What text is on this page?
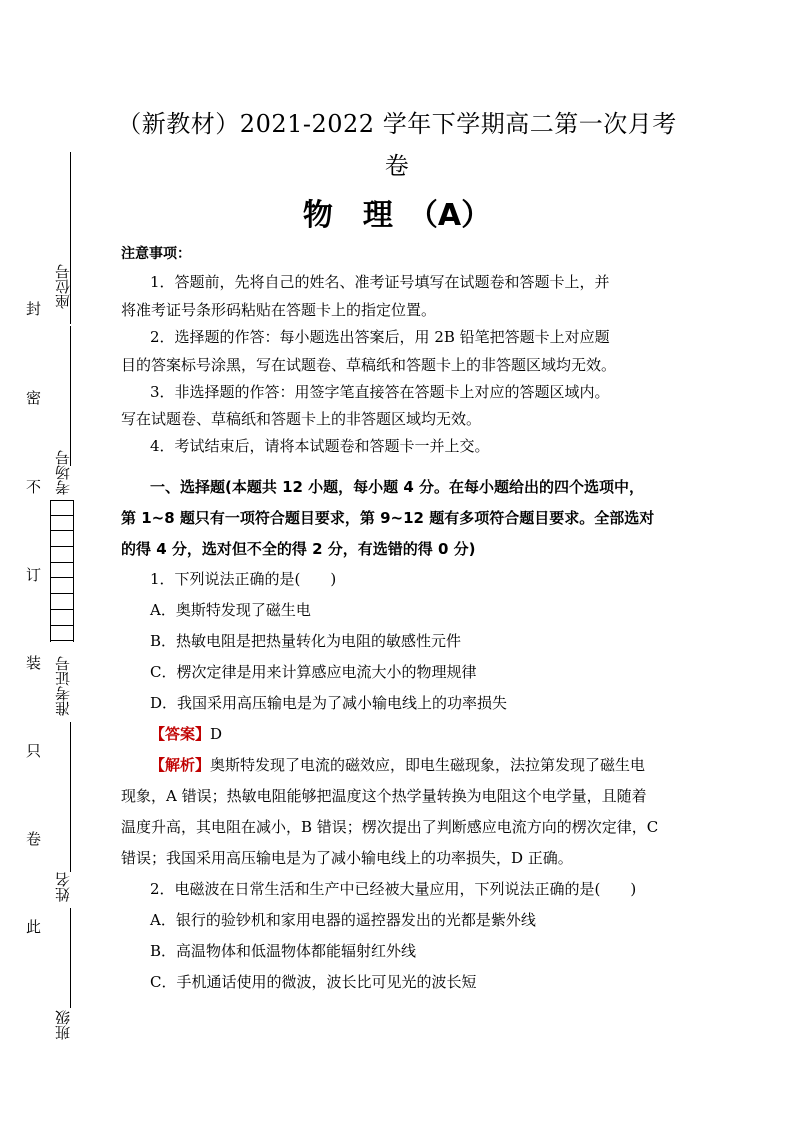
座位号
考场号
准考证号
姓名
班级
封
密
不
订
装
只
卷
此
（新教材）2021-2022 学年下学期高二第一次月考
卷
物　理　（A）
注意事项：
1．答题前，先将自己的姓名、准考证号填写在试题卷和答题卡上，并
将准考证号条形码粘贴在答题卡上的指定位置。
2．选择题的作答：每小题选出答案后，用 2B 铅笔把答题卡上对应题
目的答案标号涂黑，写在试题卷、草稿纸和答题卡上的非答题区域均无效。
3．非选择题的作答：用签字笔直接答在答题卡上对应的答题区域内。
写在试题卷、草稿纸和答题卡上的非答题区域均无效。
4．考试结束后，请将本试题卷和答题卡一并上交。
一、选择题(本题共 12 小题，每小题 4 分。在每小题给出的四个选项中，
第 1~8 题只有一项符合题目要求，第 9~12 题有多项符合题目要求。全部选对
的得 4 分，选对但不全的得 2 分，有选错的得 0 分)
1．下列说法正确的是(　　)
A．奥斯特发现了磁生电
B．热敏电阻是把热量转化为电阻的敏感性元件
C．楞次定律是用来计算感应电流大小的物理规律
D．我国采用高压输电是为了减小输电线上的功率损失
【答案】D
【解析】奥斯特发现了电流的磁效应，即电生磁现象，法拉第发现了磁生电
现象，A 错误；热敏电阻能够把温度这个热学量转换为电阻这个电学量，且随着
温度升高，其电阻在减小，B 错误；楞次提出了判断感应电流方向的楞次定律，C
错误；我国采用高压输电是为了减小输电线上的功率损失，D 正确。
2．电磁波在日常生活和生产中已经被大量应用，下列说法正确的是(　　)
A．银行的验钞机和家用电器的遥控器发出的光都是紫外线
B．高温物体和低温物体都能辐射红外线
C．手机通话使用的微波，波长比可见光的波长短
